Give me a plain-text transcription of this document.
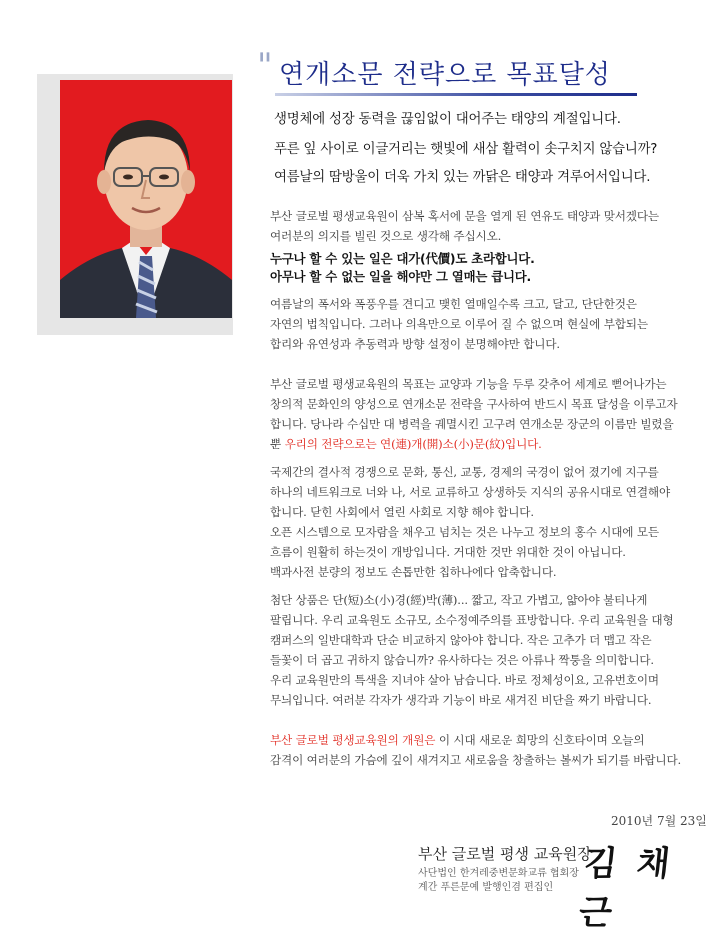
" 연개소문 전략으로 목표달성
생명체에 성장 동력을 끊임없이 대어주는 태양의 계절입니다.
푸른 잎 사이로 이글거리는 햇빛에 새삼 활력이 솟구치지 않습니까?
여름날의 땀방울이 더욱 가치 있는 까닭은 태양과 겨루어서입니다.
부산 글로벌 평생교육원이 삼복 혹서에 문을 열게 된 연유도 태양과 맞서겠다는
여러분의 의지를 빌린 것으로 생각해 주십시오.
누구나 할 수 있는 일은 대가(代價)도 초라합니다.
아무나 할 수 없는 일을 해야만 그 열매는 큽니다.
여름날의 폭서와 폭풍우를 견디고 맺힌 열매일수록 크고, 달고, 단단한것은
자연의 법칙입니다. 그러나 의욕만으로 이루어 질 수 없으며 현실에 부합되는
합리와 유연성과 추동력과 방향 설정이 분명해야만 합니다.
부산 글로벌 평생교육원의 목표는 교양과 기능을 두루 갖추어 세계로 뻗어나가는
창의적 문화인의 양성으로 연개소문 전략을 구사하여 반드시 목표 달성을 이루고자
합니다. 당나라 수십만 대 병력을 궤멸시킨 고구려 연개소문 장군의 이름만 빌렸을
뿐 우리의 전략으로는 연(連)개(開)소(小)문(紋)입니다.
국제간의 결사적 경쟁으로 문화, 통신, 교통, 경제의 국경이 없어 졌기에 지구를
하나의 네트워크로 너와 나, 서로 교류하고 상생하듯 지식의 공유시대로 연결해야
합니다. 닫힌 사회에서 열린 사회로 지향 해야 합니다.
오픈 시스템으로 모자람을 채우고 넘치는 것은 나누고 정보의 홍수 시대에 모든
흐름이 원활히 하는것이 개방입니다. 거대한 것만 위대한 것이 아닙니다.
백과사전 분량의 정보도 손톱만한 칩하나에다 압축합니다.
첨단 상품은 단(短)소(小)경(經)박(薄)... 짧고, 작고 가볍고, 얇아야 불티나게
팔립니다. 우리 교육원도 소규모, 소수정예주의를 표방합니다. 우리 교육원을 대형
캠퍼스의 일반대학과 단순 비교하지 않아야 합니다. 작은 고추가 더 맵고 작은
들꽃이 더 곱고 귀하지 않습니까? 유사하다는 것은 아류나 짝퉁을 의미합니다.
우리 교육원만의 특색을 지녀야 살아 남습니다. 바로 정체성이요, 고유번호이며
무늬입니다. 여러분 각자가 생각과 기능이 바로 새겨진 비단을 짜기 바랍니다.
부산 글로벌 평생교육원의 개원은 이 시대 새로운 희망의 신호타이며 오늘의
감격이 여러분의 가슴에 깊이 새겨지고 새로움을 창출하는 볼씨가 되기를 바랍니다.
2010년 7월 23일
부산 글로벌 평생 교육원장
사단법인 한겨레중변문화교류 협회장
계간 푸른문예 발행인겸 편집인
김 채 근
